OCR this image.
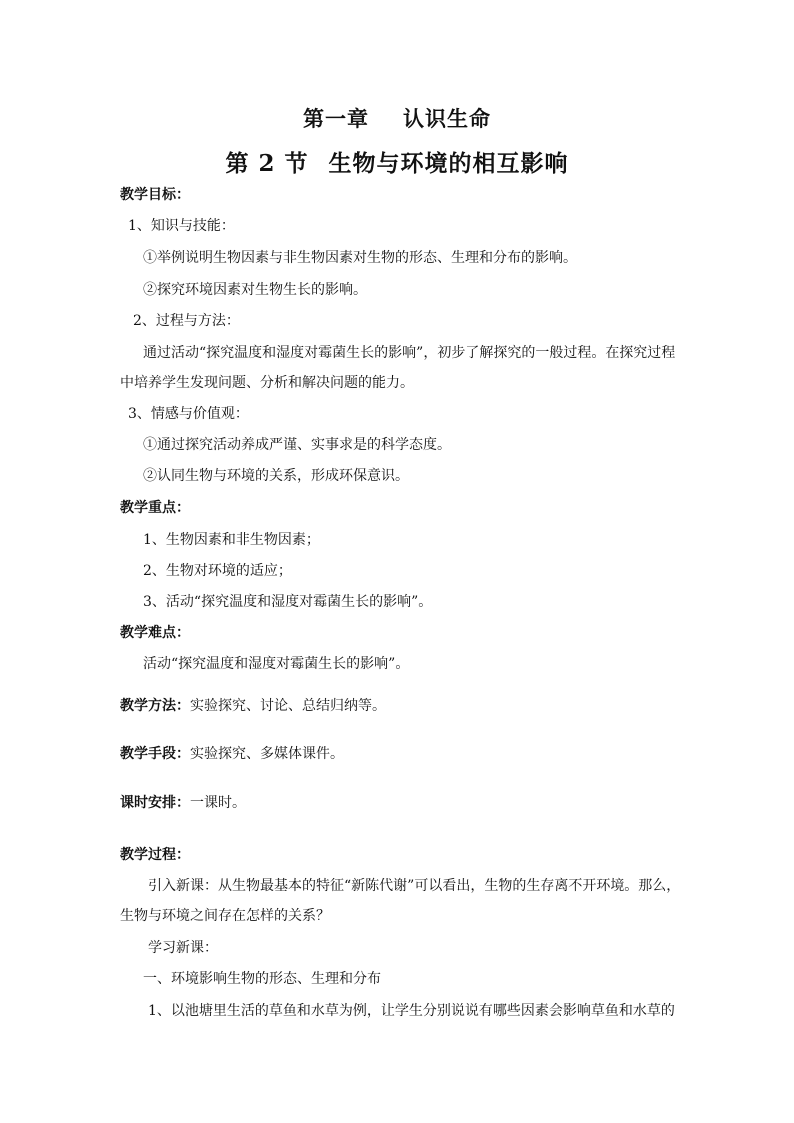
第一章 认识生命
第 2 节 生物与环境的相互影响
教学目标：
1、知识与技能：
①举例说明生物因素与非生物因素对生物的形态、生理和分布的影响。
②探究环境因素对生物生长的影响。
2、过程与方法：
通过活动“探究温度和湿度对霉菌生长的影响”，初步了解探究的一般过程。在探究过程
中培养学生发现问题、分析和解决问题的能力。
3、情感与价值观：
①通过探究活动养成严谨、实事求是的科学态度。
②认同生物与环境的关系，形成环保意识。
教学重点：
1、生物因素和非生物因素；
2、生物对环境的适应；
3、活动“探究温度和湿度对霉菌生长的影响”。
教学难点：
活动“探究温度和湿度对霉菌生长的影响”。
教学方法：实验探究、讨论、总结归纳等。
教学手段：实验探究、多媒体课件。
课时安排：一课时。
教学过程：
引入新课：从生物最基本的特征“新陈代谢”可以看出，生物的生存离不开环境。那么，
生物与环境之间存在怎样的关系？
学习新课：
一、环境影响生物的形态、生理和分布
1、以池塘里生活的草鱼和水草为例，让学生分别说说有哪些因素会影响草鱼和水草的
